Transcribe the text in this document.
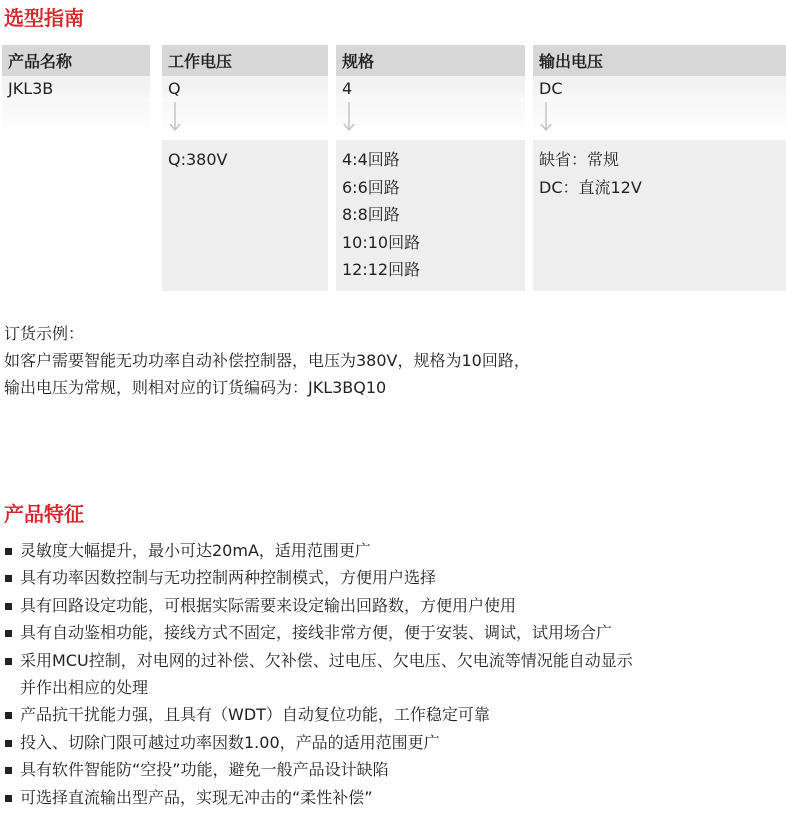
选型指南
产品名称
JKL3B
工作电压
Q
Q:380V
规格
4
4:4回路
6:6回路
8:8回路
10:10回路
12:12回路
输出电压
DC
缺省：常规
DC：直流12V
订货示例：
如客户需要智能无功功率自动补偿控制器，电压为380V，规格为10回路，
输出电压为常规，则相对应的订货编码为：JKL3BQ10
产品特征
灵敏度大幅提升，最小可达20mA，适用范围更广
具有功率因数控制与无功控制两种控制模式，方便用户选择
具有回路设定功能，可根据实际需要来设定输出回路数，方便用户使用
具有自动鉴相功能，接线方式不固定，接线非常方便，便于安装、调试，试用场合广
采用MCU控制，对电网的过补偿、欠补偿、过电压、欠电压、欠电流等情况能自动显示
并作出相应的处理
产品抗干扰能力强，且具有（WDT）自动复位功能，工作稳定可靠
投入、切除门限可越过功率因数1.00，产品的适用范围更广
具有软件智能防“空投”功能，避免一般产品设计缺陷
可选择直流输出型产品，实现无冲击的“柔性补偿”
